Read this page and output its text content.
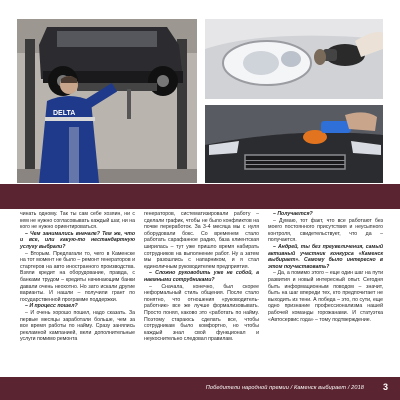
DELTA

чинать одному. Так ты сам себе хозяин, ни с кем не нужно согласовывать каждый шаг, ни на кого не нужно ориентироваться.

– Чем занимались вначале? Тем же, что и все, или какую-то нестандартную услугу выбрали?

– Вторым. Предлагали то, чего в Каменске на тот момент не было – ремонт генераторов и стартеров на авто иностранного производства. Взяли кредит на оборудование, правда, с банками трудом – кредиты начинающим банки давали очень неохотно. Но зато искали другие варианты. И нашли – получили грант по государственной программе поддержки.

– И процесс пошел?

– И очень хорошо пошел, надо сказать. За первые месяцы заработали больше, чем за все время работы по найму. Сразу занялись рекламной кампанией, вели дополнительные услуги помимо ремонта

генераторов, систематизировали работу – сделали график, чтобы не было конфликтов на почве переработок. За 3-4 месяца мы с нуля оборудовали бокс. Со временем стало работать сарафанное радио, база клиентская ширилась – тут уже пришло время набирать сотрудников на выполнение работ. Ну а затем мы разошлись с напарником, и я стал единоличным руководителем предприятия.

– Сложно руководить уже не собой, а наемными сотрудниками?

– Сначала, конечно, был скорее неформальный стиль общения. После стало понятно, что отношения «руководитель-работник» все же лучше формализовывать. Просто понял, каково это «работать по найму. Поэтому стараюсь сделать все, чтобы сотрудникам было комфортно, но чтобы каждый знал свой функционал и неукоснительно следовал правилам.

– Получается?

– Думаю, тот факт, что все работают без моего постоянного присутствия и неусыпного контроля, свидетельствует, что да – получается.

– Андрей, ты без преувеличения, самый активный участник конкурса «Каменск выбирает». Самому было интересно в этом поучаствовать?

– Да, а помимо этого – еще один шаг на пути развития и новый интересный опыт. Сегодня быть информационным поводом – значит, быть на шаг впереди тех, кто предпочитает не выходить из тени. А победа – это, по сути, еще одно признание профессионализма нашей рабочей команды горожанами. И статуэтка «Автосервис года» – тому подтверждение.

Победители народной премии / Каменск выбирает / 2018 3
